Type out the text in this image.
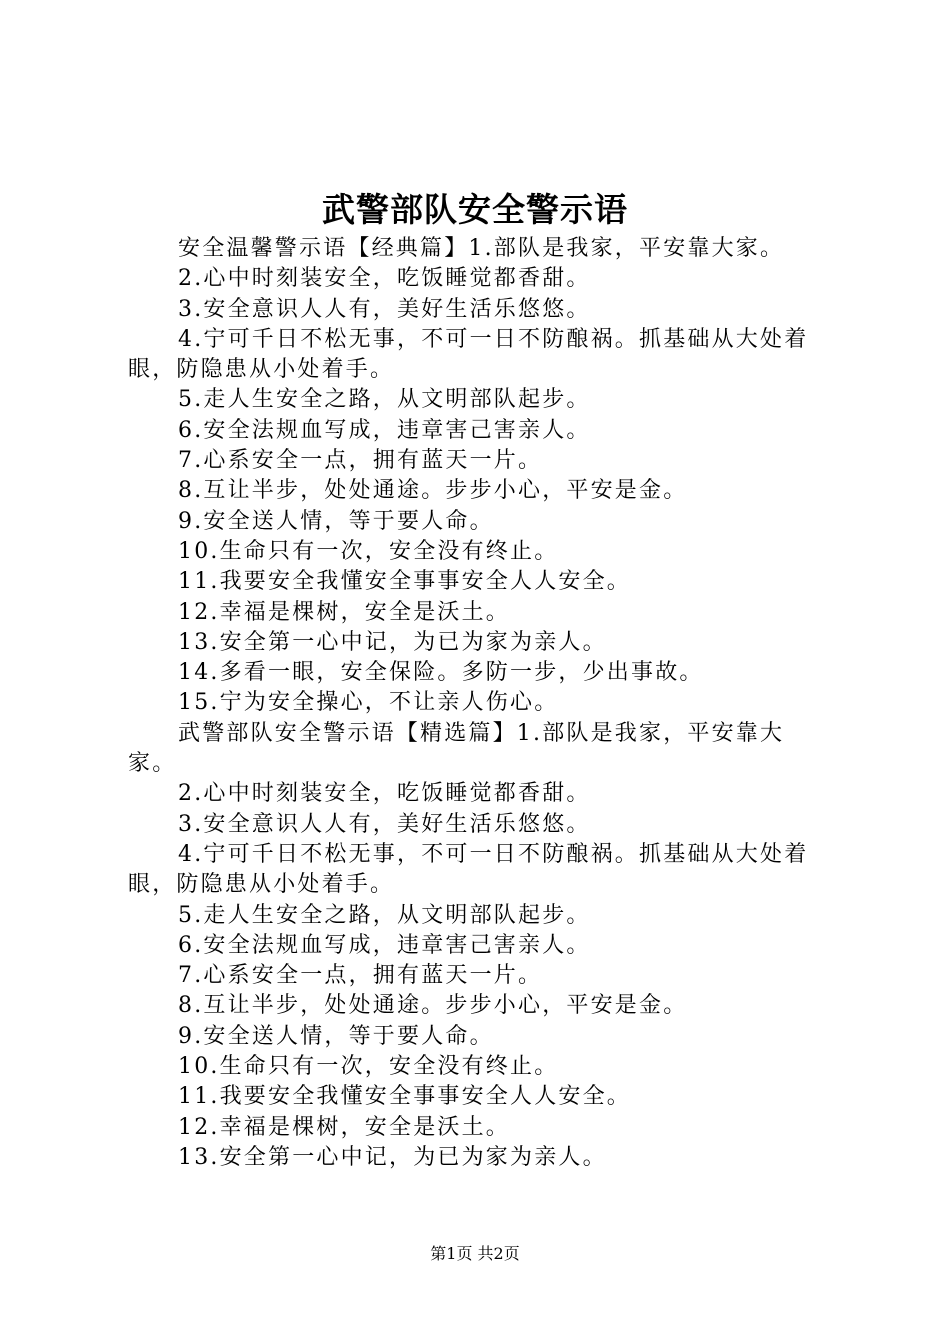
武警部队安全警示语

安全温馨警示语【经典篇】1.部队是我家，平安靠大家。

2.心中时刻装安全，吃饭睡觉都香甜。

3.安全意识人人有，美好生活乐悠悠。

4.宁可千日不松无事，不可一日不防酿祸。抓基础从大处着眼，防隐患从小处着手。

5.走人生安全之路，从文明部队起步。

6.安全法规血写成，违章害己害亲人。

7.心系安全一点，拥有蓝天一片。

8.互让半步，处处通途。步步小心，平安是金。

9.安全送人情，等于要人命。

10.生命只有一次，安全没有终止。

11.我要安全我懂安全事事安全人人安全。

12.幸福是棵树，安全是沃土。

13.安全第一心中记，为已为家为亲人。

14.多看一眼，安全保险。多防一步，少出事故。

15.宁为安全操心，不让亲人伤心。

武警部队安全警示语【精选篇】1.部队是我家，平安靠大家。

2.心中时刻装安全，吃饭睡觉都香甜。

3.安全意识人人有，美好生活乐悠悠。

4.宁可千日不松无事，不可一日不防酿祸。抓基础从大处着眼，防隐患从小处着手。

5.走人生安全之路，从文明部队起步。

6.安全法规血写成，违章害己害亲人。

7.心系安全一点，拥有蓝天一片。

8.互让半步，处处通途。步步小心，平安是金。

9.安全送人情，等于要人命。

10.生命只有一次，安全没有终止。

11.我要安全我懂安全事事安全人人安全。

12.幸福是棵树，安全是沃土。

13.安全第一心中记，为已为家为亲人。

第1页 共2页
